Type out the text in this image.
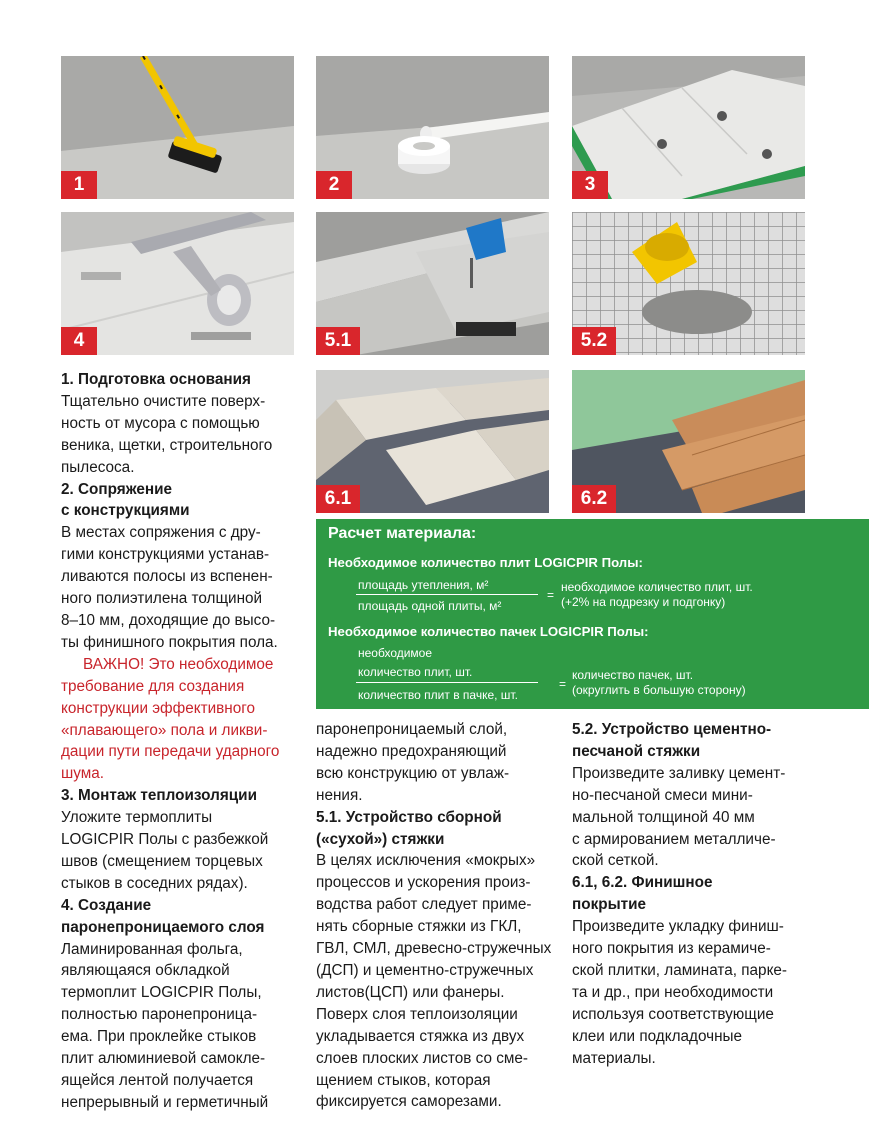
1	2	3
4	5.1	5.2
6.1	6.2

1. Подготовка основания

Тщательно очистите поверх-

ность от мусора с помощью

веника, щетки, строительного

пылесоса.

2. Сопряжение

с конструкциями

В местах сопряжения с дру-

гими конструкциями устанав-

ливаются полосы из вспенен-

ного полиэтилена толщиной

8–10 мм, доходящие до высо-

ты финишного покрытия пола.

ВАЖНО! Это необходимое

требование для создания

конструкции эффективного

«плавающего» пола и ликви-

дации пути передачи ударного

шума.

3. Монтаж теплоизоляции

Уложите термоплиты

LOGICPIR Полы с разбежкой

швов (смещением торцевых

стыков в соседних рядах).

4. Создание

паронепроницаемого слоя

Ламинированная фольга,

являющаяся обкладкой

термоплит LOGICPIR Полы,

полностью паронепроница-

ема. При проклейке стыков

плит алюминиевой самокле-

ящейся лентой получается

непрерывный и герметичный

Расчет материала:
Необходимое количество плит LOGICPIR Полы:
площадь утепления, м²
площадь одной плиты, м²
=
необходимое количество плит, шт.
(+2% на подрезку и подгонку)
Необходимое количество пачек LOGICPIR Полы:
необходимое
количество плит, шт.
количество плит в пачке, шт.
=
количество пачек, шт.
(округлить в большую сторону)

паронепроницаемый слой,

надежно предохраняющий

всю конструкцию от увлаж-

нения.

5.1. Устройство сборной

(«сухой») стяжки

В целях исключения «мокрых»

процессов и ускорения произ-

водства работ следует приме-

нять сборные стяжки из ГКЛ,

ГВЛ, СМЛ, древесно-стружечных

(ДСП) и цементно-стружечных

листов(ЦСП) или фанеры.

Поверх слоя теплоизоляции

укладывается стяжка из двух

слоев плоских листов со сме-

щением стыков, которая

фиксируется саморезами.

5.2. Устройство цементно-

песчаной стяжки

Произведите заливку цемент-

но-песчаной смеси мини-

мальной толщиной 40 мм

с армированием металличе-

ской сеткой.

6.1, 6.2. Финишное

покрытие

Произведите укладку финиш-

ного покрытия из керамиче-

ской плитки, ламината, парке-

та и др., при необходимости

используя соответствующие

клеи или подкладочные

материалы.
